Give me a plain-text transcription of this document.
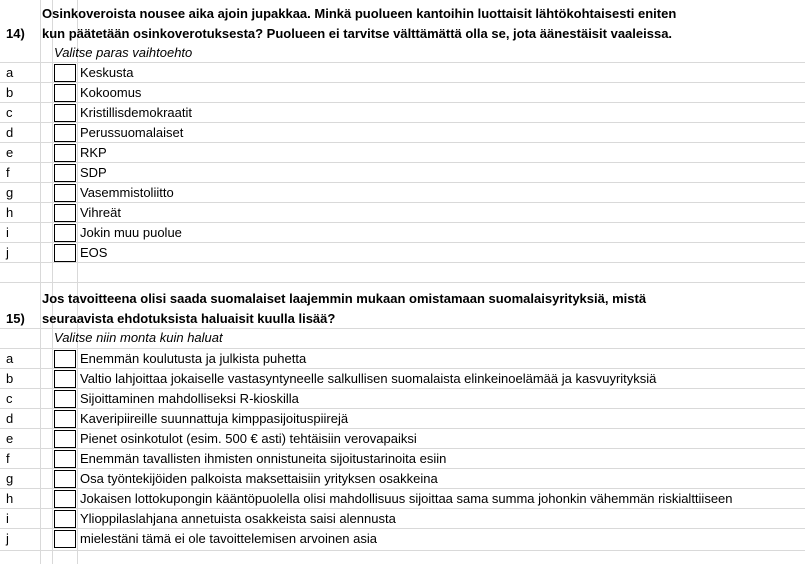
14)
Osinkoveroista nousee aika ajoin jupakkaa. Minkä puolueen kantoihin luottaisit lähtökohtaisesti eniten
kun päätetään osinkoverotuksesta? Puolueen ei tarvitse välttämättä olla se, jota äänestäisit vaaleissa.
Valitse paras vaihtoehto
a	Keskusta
b	Kokoomus
c	Kristillisdemokraatit
d	Perussuomalaiset
e	RKP
f	SDP
g	Vasemmistoliitto
h	Vihreät
i	Jokin muu puolue
j	EOS
15)
Jos tavoitteena olisi saada suomalaiset laajemmin mukaan omistamaan suomalaisyrityksiä, mistä
seuraavista ehdotuksista haluaisit kuulla lisää?
Valitse niin monta kuin haluat
a	Enemmän koulutusta ja julkista puhetta
b	Valtio lahjoittaa jokaiselle vastasyntyneelle salkullisen suomalaista elinkeinoelämää ja kasvuyrityksiä
c	Sijoittaminen mahdolliseksi R-kioskilla
d	Kaveripiireille suunnattuja kimppasijoituspiirejä
e	Pienet osinkotulot (esim. 500 € asti) tehtäisiin verovapaiksi
f	Enemmän tavallisten ihmisten onnistuneita sijoitustarinoita esiin
g	Osa työntekijöiden palkoista maksettaisiin yrityksen osakkeina
h	Jokaisen lottokupongin kääntöpuolella olisi mahdollisuus sijoittaa sama summa johonkin vähemmän riskialttiiseen
i	Ylioppilaslahjana annetuista osakkeista saisi alennusta
j	mielestäni tämä ei ole tavoittelemisen arvoinen asia
